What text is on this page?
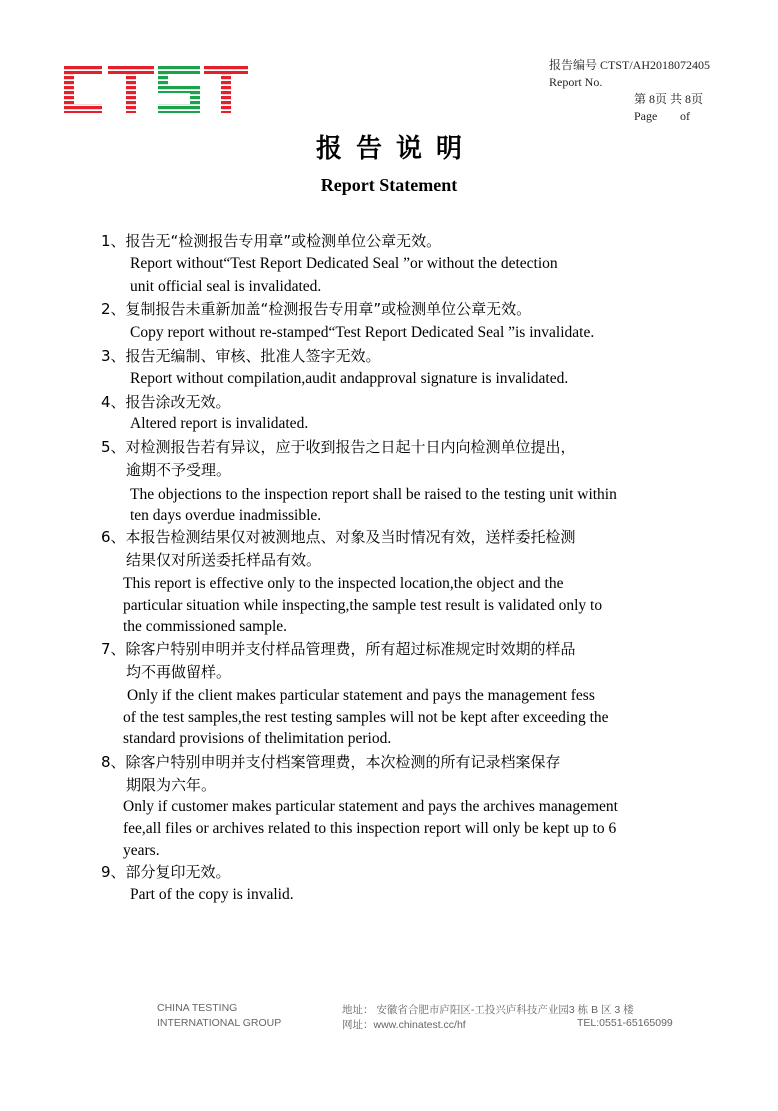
报告编号 CTST/AH2018072405
Report No.
第 8页 共 8页
Page of
报告说明
Report Statement
1、报告无“检测报告专用章”或检测单位公章无效。
Report without“Test Report Dedicated Seal ”or without the detection
unit official seal is invalidated.
2、复制报告未重新加盖“检测报告专用章”或检测单位公章无效。
Copy report without re-stamped“Test Report Dedicated Seal ”is invalidate.
3、报告无编制、审核、批准人签字无效。
Report without compilation,audit andapproval signature is invalidated.
4、报告涂改无效。
Altered report is invalidated.
5、对检测报告若有异议，应于收到报告之日起十日内向检测单位提出，
逾期不予受理。
The objections to the inspection report shall be raised to the testing unit within
ten days overdue inadmissible.
6、本报告检测结果仅对被测地点、对象及当时情况有效，送样委托检测
结果仅对所送委托样品有效。
This report is effective only to the inspected location,the object and the
particular situation while inspecting,the sample test result is validated only to
the commissioned sample.
7、除客户特别申明并支付样品管理费，所有超过标准规定时效期的样品
均不再做留样。
Only if the client makes particular statement and pays the management fess
of the test samples,the rest testing samples will not be kept after exceeding the
standard provisions of thelimitation period.
8、除客户特别申明并支付档案管理费，本次检测的所有记录档案保存
期限为六年。
Only if customer makes particular statement and pays the archives management
fee,all files or archives related to this inspection report will only be kept up to 6
years.
9、部分复印无效。
Part of the copy is invalid.
CHINA TESTING
INTERNATIONAL GROUP
地址： 安徽省合肥市庐阳区-工投兴庐科技产业园3 栋 B 区 3 楼
网址：www.chinatest.cc/hf	TEL:0551-65165099
